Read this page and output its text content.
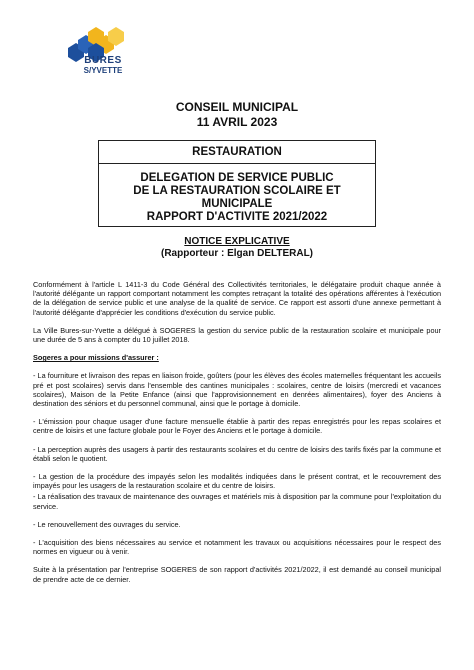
BURES
S/YVETTE
CONSEIL MUNICIPAL
11 AVRIL 2023
RESTAURATION
DELEGATION DE SERVICE PUBLIC
DE LA RESTAURATION SCOLAIRE ET MUNICIPALE
RAPPORT D'ACTIVITE 2021/2022
NOTICE EXPLICATIVE
(Rapporteur : Elgan DELTERAL)

Conformément à l'article L 1411-3 du Code Général des Collectivités territoriales, le délégataire produit chaque année à l'autorité délégante un rapport comportant notamment les comptes retraçant la totalité des opérations afférentes à l'exécution de la délégation de service public et une analyse de la qualité de service. Ce rapport est assorti d'une annexe permettant à l'autorité délégante d'apprécier les conditions d'exécution du service public.

La Ville Bures-sur-Yvette a délégué à SOGERES la gestion du service public de la restauration scolaire et municipale pour une durée de 5 ans à compter du 10 juillet 2018.

Sogeres a pour missions d'assurer :

- La fourniture et livraison des repas en liaison froide, goûters (pour les élèves des écoles maternelles fréquentant les accueils pré et post scolaires) servis dans l'ensemble des cantines municipales : scolaires, centre de loisirs (mercredi et vacances scolaires), Maison de la Petite Enfance (ainsi que l'approvisionnement en denrées alimentaires), foyer des Anciens à destination des séniors et du personnel communal, ainsi que le portage à domicile.

- L'émission pour chaque usager d'une facture mensuelle établie à partir des repas enregistrés pour les repas scolaires et centre de loisirs et une facture globale pour le Foyer des Anciens et le portage à domicile.

- La perception auprès des usagers à partir des restaurants scolaires et du centre de loisirs des tarifs fixés par la commune et établi selon le quotient.

- La gestion de la procédure des impayés selon les modalités indiquées dans le présent contrat, et le recouvrement des impayés pour les usagers de la restauration scolaire et du centre de loisirs.

- La réalisation des travaux de maintenance des ouvrages et matériels mis à disposition par la commune pour l'exploitation du service.

- Le renouvellement des ouvrages du service.

- L'acquisition des biens nécessaires au service et notamment les travaux ou acquisitions nécessaires pour le respect des normes en vigueur ou à venir.

Suite à la présentation par l'entreprise SOGERES de son rapport d'activités 2021/2022, il est demandé au conseil municipal de prendre acte de ce dernier.
